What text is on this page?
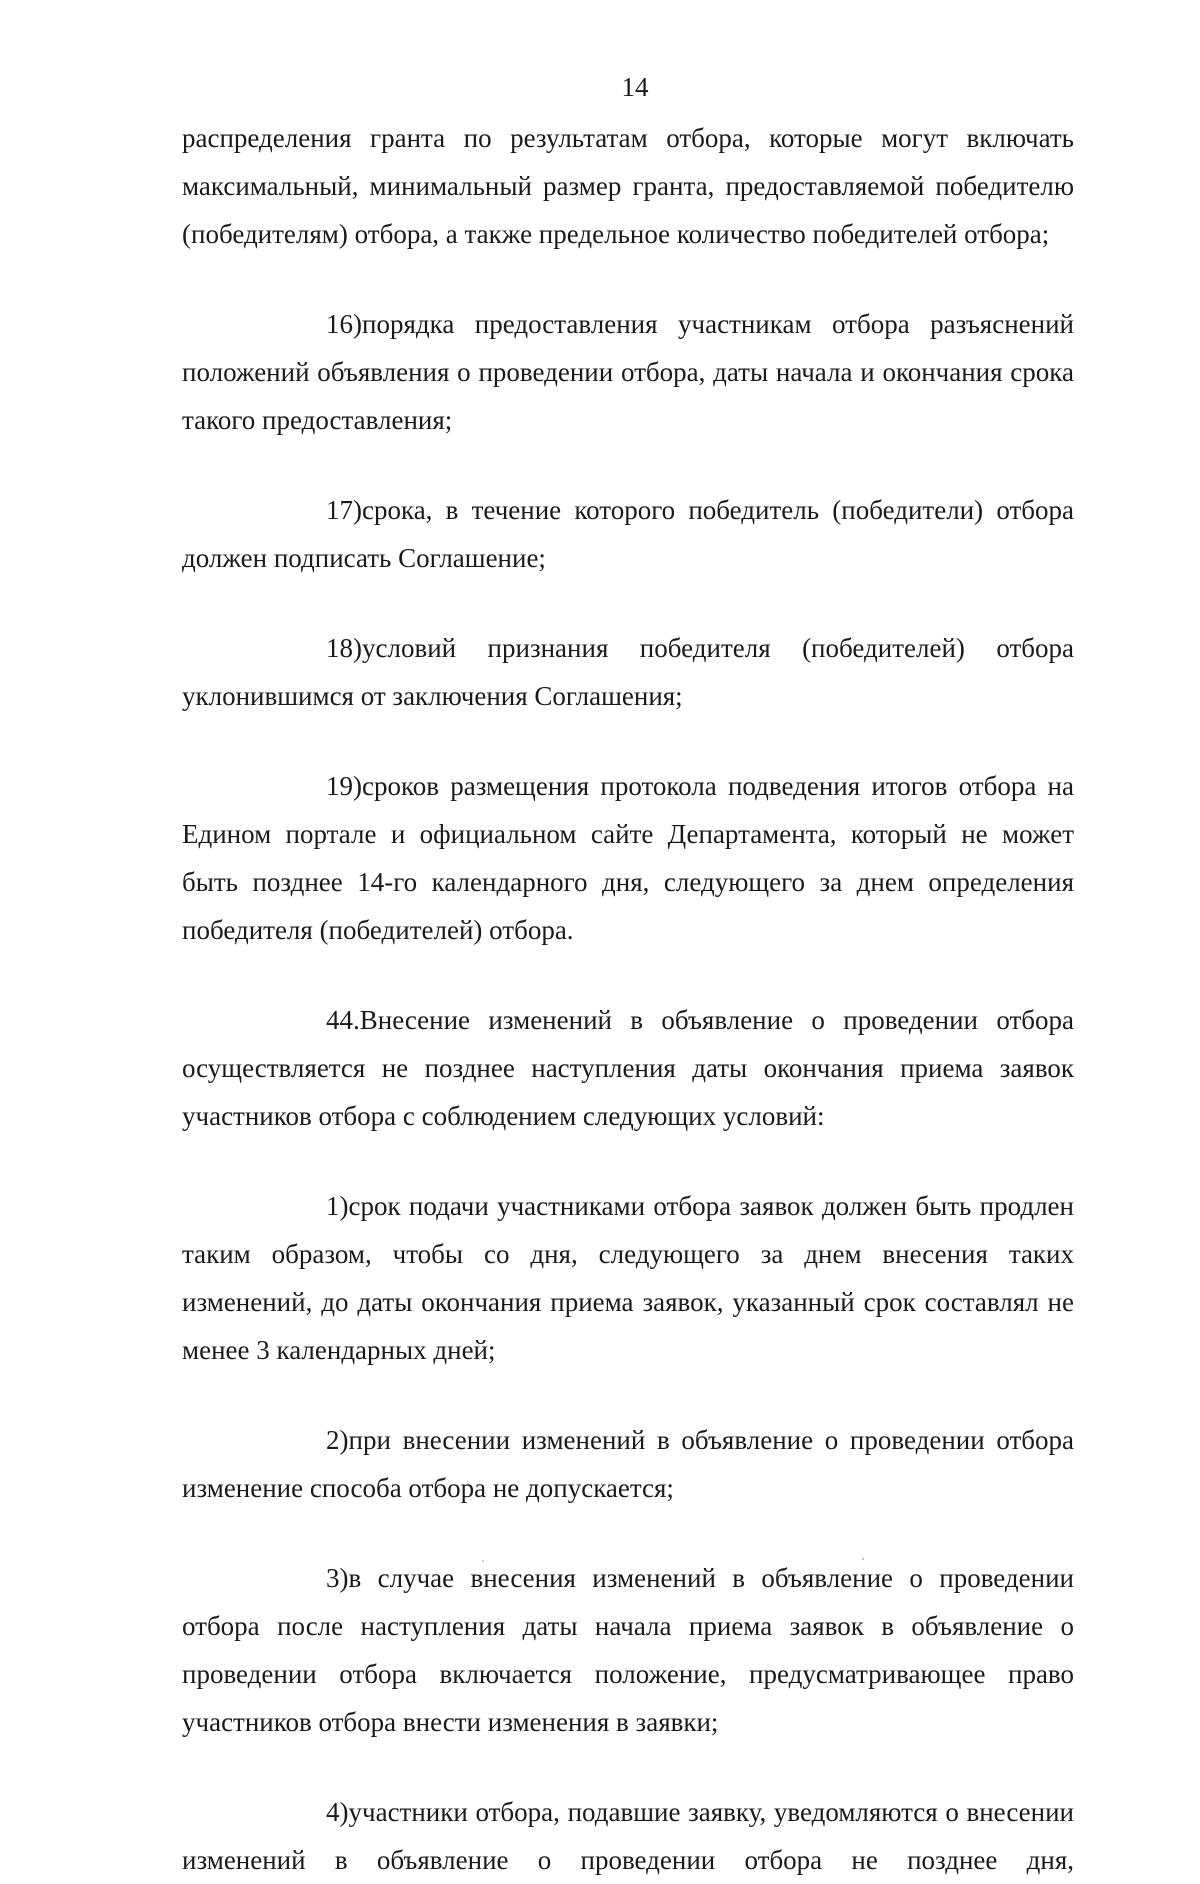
14

распределения гранта по результатам отбора, которые могут включать максимальный, минимальный размер гранта, предоставляемой победителю (победителям) отбора, а также предельное количество победителей отбора;

16)порядка предоставления участникам отбора разъяснений положений объявления о проведении отбора, даты начала и окончания срока такого предоставления;

17)срока, в течение которого победитель (победители) отбора должен подписать Соглашение;

18)условий признания победителя (победителей) отбора уклонившимся от заключения Соглашения;

19)сроков размещения протокола подведения итогов отбора на Едином портале и официальном сайте Департамента, который не может быть позднее 14-го календарного дня, следующего за днем определения победителя (победителей) отбора.

44.Внесение изменений в объявление о проведении отбора осуществляется не позднее наступления даты окончания приема заявок участников отбора с соблюдением следующих условий:

1)срок подачи участниками отбора заявок должен быть продлен таким образом, чтобы со дня, следующего за днем внесения таких изменений, до даты окончания приема заявок, указанный срок составлял не менее 3 календарных дней;

2)при внесении изменений в объявление о проведении отбора изменение способа отбора не допускается;

3)в случае внесения изменений в объявление о проведении отбора после наступления даты начала приема заявок в объявление о проведении отбора включается положение, предусматривающее право участников отбора внести изменения в заявки;

4)участники отбора, подавшие заявку, уведомляются о внесении изменений в объявление о проведении отбора не позднее дня,
